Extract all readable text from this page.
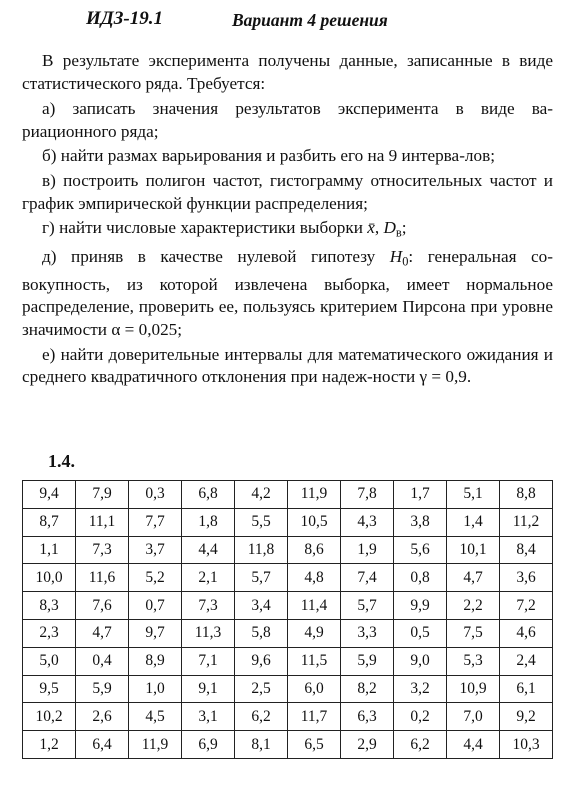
ИДЗ-19.1	Вариант 4 решения

В результате эксперимента получены данные, записанные в виде статистического ряда. Требуется:

а) записать значения результатов эксперимента в виде ва-риационного ряда;

б) найти размах варьирования и разбить его на 9 интерва-лов;

в) построить полигон частот, гистограмму относительных частот и график эмпирической функции распределения;

г) найти числовые характеристики выборки x̄, $D_в$;

д) приняв в качестве нулевой гипотезу $H_0$: генеральная со-вокупность, из которой извлечена выборка, имеет нормальное распределение, проверить ее, пользуясь критерием Пирсона при уровне значимости α = 0,025;

е) найти доверительные интервалы для математического ожидания и среднего квадратичного отклонения при надеж-ности γ = 0,9.

1.4.
9,4	7,9	0,3	6,8	4,2	11,9	7,8	1,7	5,1	8,8
8,7	11,1	7,7	1,8	5,5	10,5	4,3	3,8	1,4	11,2
1,1	7,3	3,7	4,4	11,8	8,6	1,9	5,6	10,1	8,4
10,0	11,6	5,2	2,1	5,7	4,8	7,4	0,8	4,7	3,6
8,3	7,6	0,7	7,3	3,4	11,4	5,7	9,9	2,2	7,2
2,3	4,7	9,7	11,3	5,8	4,9	3,3	0,5	7,5	4,6
5,0	0,4	8,9	7,1	9,6	11,5	5,9	9,0	5,3	2,4
9,5	5,9	1,0	9,1	2,5	6,0	8,2	3,2	10,9	6,1
10,2	2,6	4,5	3,1	6,2	11,7	6,3	0,2	7,0	9,2
1,2	6,4	11,9	6,9	8,1	6,5	2,9	6,2	4,4	10,3
